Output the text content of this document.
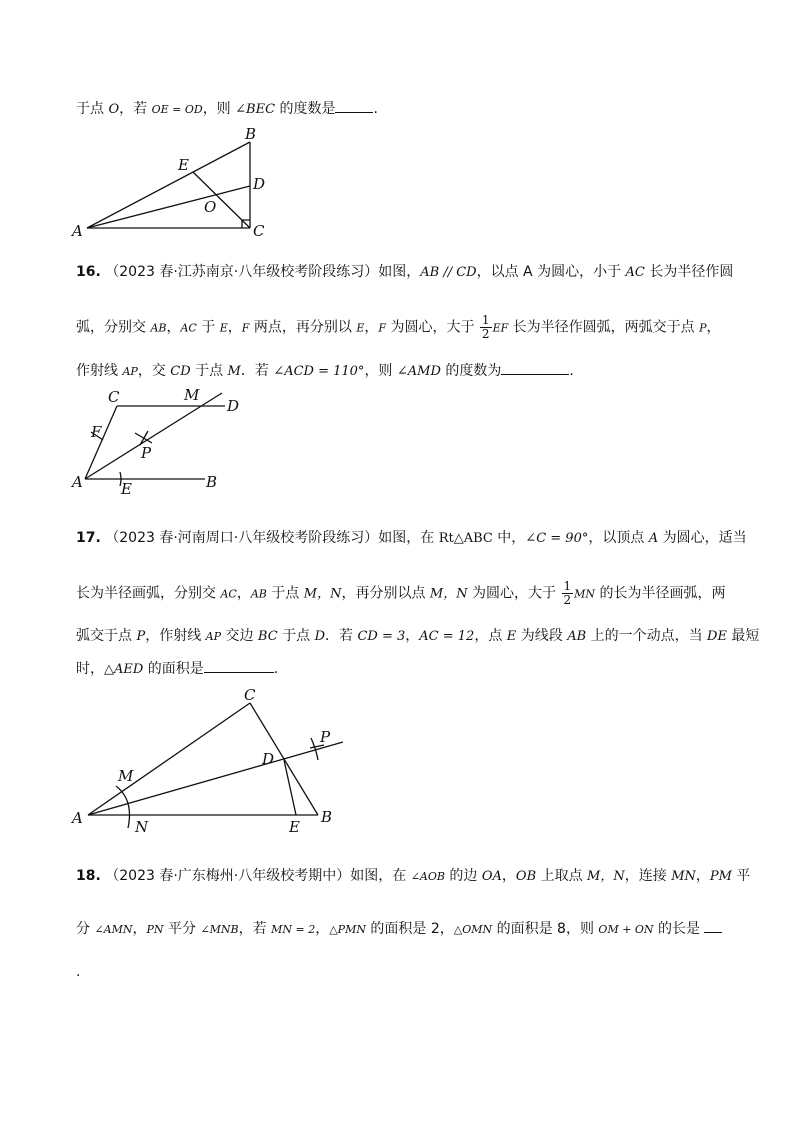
于点 O，若 OE = OD，则 ∠BEC 的度数是	.
B
E
D
O
A	C
16. （2023 春·江苏南京·八年级校考阶段练习）如图，AB // CD，以点 A 为圆心，小于 AC 长为半径作圆
弧，分别交 AB，AC 于 E，F 两点，再分别以 E，F 为圆心，大于 $\frac{1}{2}$ EF 长为半径作圆弧，两弧交于点 P，
作射线 AP，交 CD 于点 M．若 ∠ACD = 110°，则 ∠AMD 的度数为	.
C	M
D
F
P
A	E	B
17. （2023 春·河南周口·八年级校考阶段练习）如图，在 Rt△ABC 中，∠C = 90°，以顶点 A 为圆心，适当
长为半径画弧，分别交 AC，AB 于点 M，N，再分别以点 M，N 为圆心，大于 $\frac{1}{2}$ MN 的长为半径画弧，两
弧交于点 P，作射线 AP 交边 BC 于点 D．若 CD = 3，AC = 12，点 E 为线段 AB 上的一个动点，当 DE 最短
时，△AED 的面积是	.
C
P
D
M
A	N	E
B
18. （2023 春·广东梅州·八年级校考期中）如图，在 ∠AOB 的边 OA，OB 上取点 M，N，连接 MN，PM 平
分 ∠AMN，PN 平分 ∠MNB，若 MN = 2，△PMN 的面积是 2，△OMN 的面积是 8，则 OM + ON 的长是
.
